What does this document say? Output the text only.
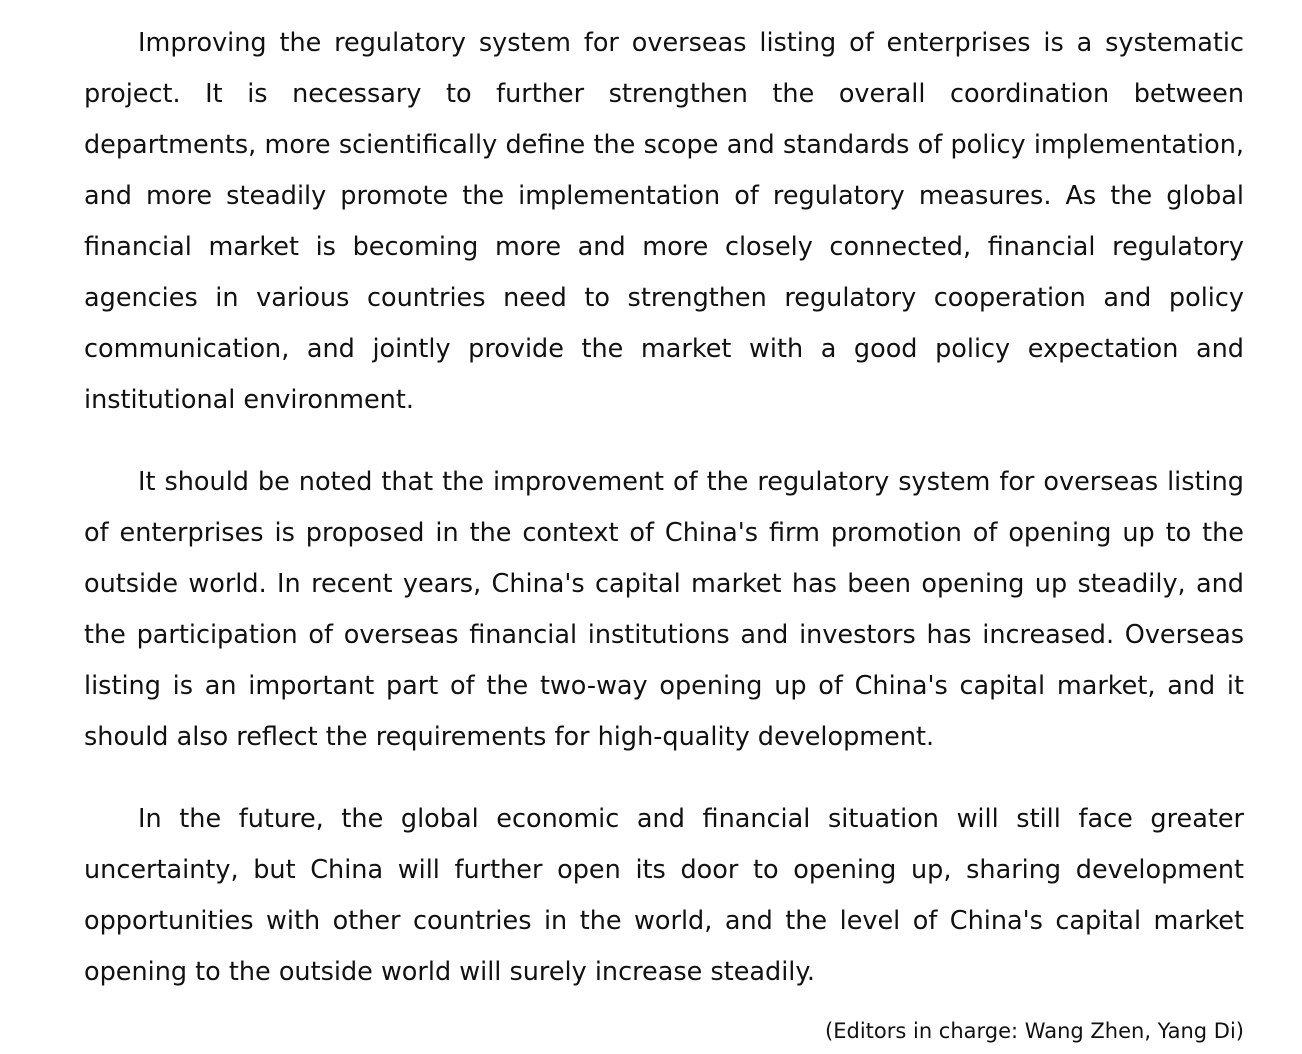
Improving the regulatory system for overseas listing of enterprises is a systematic project. It is necessary to further strengthen the overall coordination between departments, more scientifically define the scope and standards of policy implementation, and more steadily promote the implementation of regulatory measures. As the global financial market is becoming more and more closely connected, financial regulatory agencies in various countries need to strengthen regulatory cooperation and policy communication, and jointly provide the market with a good policy expectation and institutional environment.

It should be noted that the improvement of the regulatory system for overseas listing of enterprises is proposed in the context of China's firm promotion of opening up to the outside world. In recent years, China's capital market has been opening up steadily, and the participation of overseas financial institutions and investors has increased. Overseas listing is an important part of the two-way opening up of China's capital market, and it should also reflect the requirements for high-quality development.

In the future, the global economic and financial situation will still face greater uncertainty, but China will further open its door to opening up, sharing development opportunities with other countries in the world, and the level of China's capital market opening to the outside world will surely increase steadily.

(Editors in charge: Wang Zhen, Yang Di)
